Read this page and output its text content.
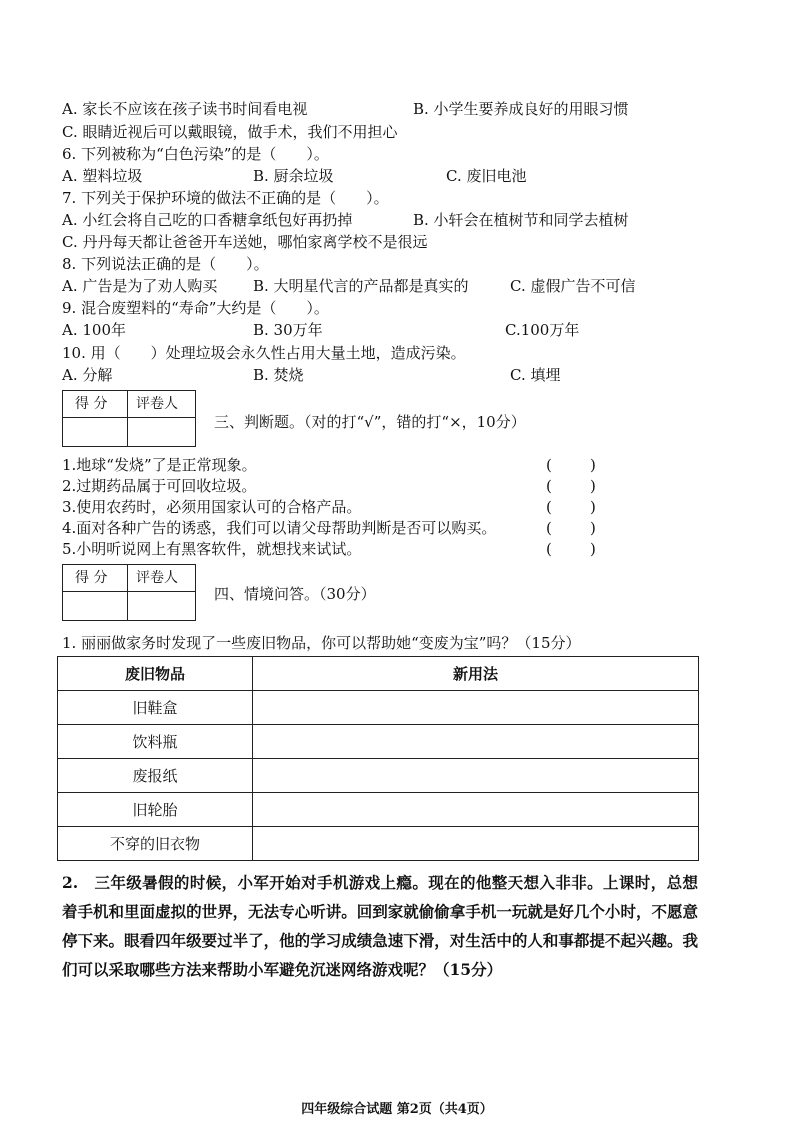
A. 家长不应该在孩子读书时间看电视	B. 小学生要养成良好的用眼习惯
C. 眼睛近视后可以戴眼镜，做手术，我们不用担心
6. 下列被称为“白色污染”的是（　　）。
A. 塑料垃圾	B. 厨余垃圾	C. 废旧电池
7. 下列关于保护环境的做法不正确的是（　　）。
A. 小红会将自己吃的口香糖拿纸包好再扔掉	B. 小轩会在植树节和同学去植树
C. 丹丹每天都让爸爸开车送她，哪怕家离学校不是很远
8. 下列说法正确的是（　　）。
A. 广告是为了劝人购买 B. 大明星代言的产品都是真实的	C. 虚假广告不可信
9. 混合废塑料的“寿命”大约是（　　）。
A. 100年	B. 30万年	C.100万年
10. 用（　　）处理垃圾会永久性占用大量土地，造成污染。
A. 分解	B. 焚烧	C. 填埋
得 分 评卷人
三、判断题。（对的打“√”，错的打“×，10分）
1.地球“发烧”了是正常现象。	(        )
2.过期药品属于可回收垃圾。	(        )
3.使用农药时，必须用国家认可的合格产品。	(        )
4.面对各种广告的诱惑，我们可以请父母帮助判断是否可以购买。	(        )
5.小明听说网上有黑客软件，就想找来试试。	(        )
得 分 评卷人
四、情境问答。（30分）
1. 丽丽做家务时发现了一些废旧物品，你可以帮助她“变废为宝”吗？（15分）
废旧物品	新用法
旧鞋盒	
饮料瓶	
废报纸	
旧轮胎	
不穿的旧衣物	
2.　三年级暑假的时候，小军开始对手机游戏上瘾。现在的他整天想入非非。上课时，总想着手机和里面虚拟的世界，无法专心听讲。回到家就偷偷拿手机一玩就是好几个小时，不愿意停下来。眼看四年级要过半了，他的学习成绩急速下滑，对生活中的人和事都提不起兴趣。我们可以采取哪些方法来帮助小军避免沉迷网络游戏呢？（15分）
四年级综合试题 第2页（共4页）
